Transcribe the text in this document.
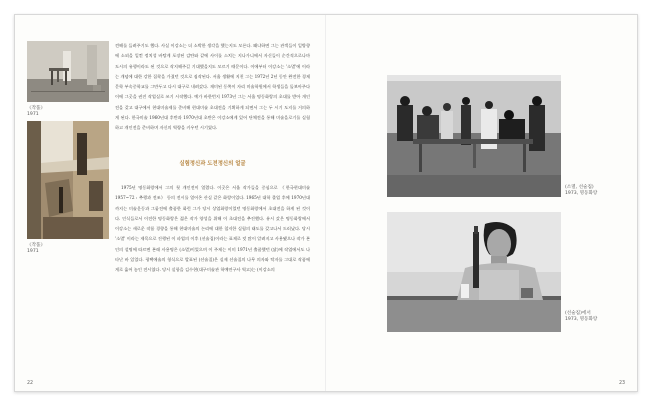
《작품》
1971
《작품》
1971

견해를 들려주기도 했다. 사실 이강소는 더 소박한 생각을 했는지도 모른다. 왜냐하면 그는 관객들이 일방향에 소외을 일컫 정치성 바탕게 포장된 감탄와 같에 사이를 스치는 지나가니에서 자신들이 순간적으로나마 도시의 유행이라도 된 것으로 작지해주길 기대했을지도 모르기 때문이다. 이에부터 이강소는 '소멸'에 이라는 개념에 대한 강한 집착을 가졌던 것으로 짐작된다. 서울 생활에 지친 그는 1972년 2년 동안 완전한 경제 문학 부속중학교를 그만두고 다시 대구로 내려갔다. 재미된 동쪽이 자리 미술학원에서 학생들을 돌보아주다 이에 그곳을 권진 작업실로 쓰기 시작했다. 예가 바한번지 1973년 그는 서울 명동화랑의 초대를 받아 개인전을 갖고 대구에서 현대미술제를 준비해 현대미술 초대전을 기획하게 되면서 그는 두 시기 도지를 거의하게 된다. 한국미술 1960년대 후반과 1970년대 초반은 이강소에게 있어 단체전을 통해 미술을로기를 실험하고 개인전을 준비하며 자신의 역량을 키우던 시기였다.

실험정신과 도전정신의 얼굴

1975년 명동화랑에서 그의 첫 개인전이 열렸다. 이곳은 서울 작가들을 중심으로 《한국현대미술 1957~72 : 추행과 전조》 등의 전시를 열어온 산실 같은 화랑이었다. 1965년 대학 졸업 후에 1970년대까지는 미술운동과 그룹전에 출품한 화런 그가 당시 상업화랑이었던 명동화랑에서 초대전을 하게 된 것이다. 인식들로서 이전한 명동화랑은 젊은 작가 양성을 위해 이 초대전을 추진했다. 유시 갔은 명동화랑에서 이강소는 새로운 작품 경향을 통해 현대미술의 논리에 대한 철저한 실험의 태도를 갖고나서 드러났다. 당시 '소멸' 이라는 제목으로 진행된 이 파업의 이후 (선술집)이라는 표제로 덧 많이 알려지고 사용됐으나 작가 본인의 설명에 따르면 본래 사용명은 (소멸)이었으며 이 주제는 이미 1971년 출품했던 (닭)에 작업에서도 나타난 바 있었다. 평택에술의 형식으로 발표된 (선술집)은 실제 선술집의 나무 의자와 탁자를 그대로 작품에게로 옮어 놓인 전시였다. 당시 실항을 김수현(대구미술관 학예연구사 역고)는 (이강소의

22
(소멸, 선술집)
1973, 명동화랑
(선술집)에서
1973, 명동화랑
23
